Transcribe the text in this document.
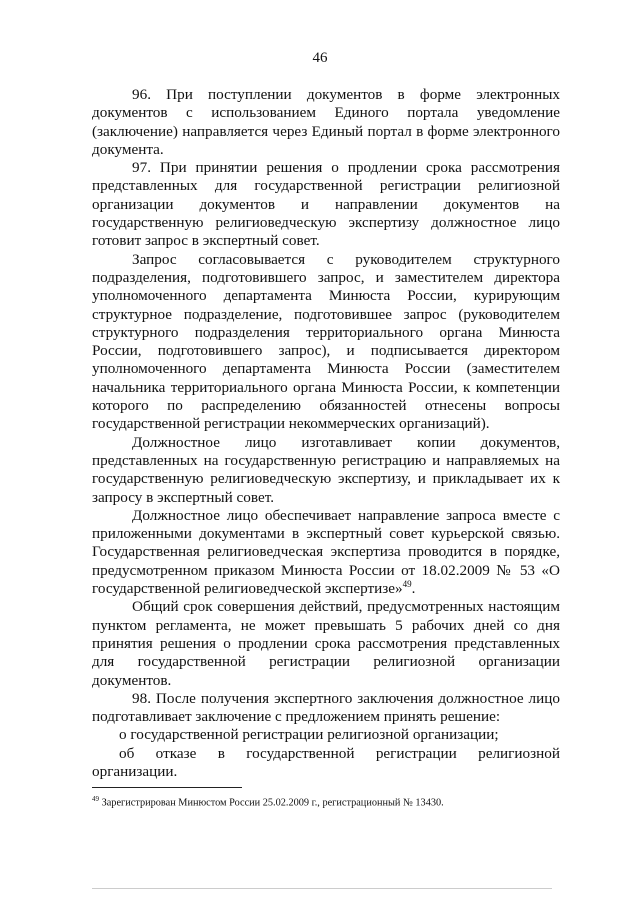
46

96. При поступлении документов в форме электронных документов с использованием Единого портала уведомление (заключение) направляется через Единый портал в форме электронного документа.

97. При принятии решения о продлении срока рассмотрения представленных для государственной регистрации религиозной организации документов и направлении документов на государственную религиоведческую экспертизу должностное лицо готовит запрос в экспертный совет.

Запрос согласовывается с руководителем структурного подразделения, подготовившего запрос, и заместителем директора уполномоченного департамента Минюста России, курирующим структурное подразделение, подготовившее запрос (руководителем структурного подразделения территориального органа Минюста России, подготовившего запрос), и подписывается директором уполномоченного департамента Минюста России (заместителем начальника территориального органа Минюста России, к компетенции которого по распределению обязанностей отнесены вопросы государственной регистрации некоммерческих организаций).

Должностное лицо изготавливает копии документов, представленных на государственную регистрацию и направляемых на государственную религиоведческую экспертизу, и прикладывает их к запросу в экспертный совет.

Должностное лицо обеспечивает направление запроса вместе с приложенными документами в экспертный совет курьерской связью. Государственная религиоведческая экспертиза проводится в порядке, предусмотренном приказом Минюста России от 18.02.2009 № 53 «О государственной религиоведческой экспертизе»$^{49}$.

Общий срок совершения действий, предусмотренных настоящим пунктом регламента, не может превышать 5 рабочих дней со дня принятия решения о продлении срока рассмотрения представленных для государственной регистрации религиозной организации документов.

98. После получения экспертного заключения должностное лицо подготавливает заключение с предложением принять решение:

о государственной регистрации религиозной организации;

об отказе в государственной регистрации религиозной организации.

$^{49}$ Зарегистрирован Минюстом России 25.02.2009 г., регистрационный № 13430.
